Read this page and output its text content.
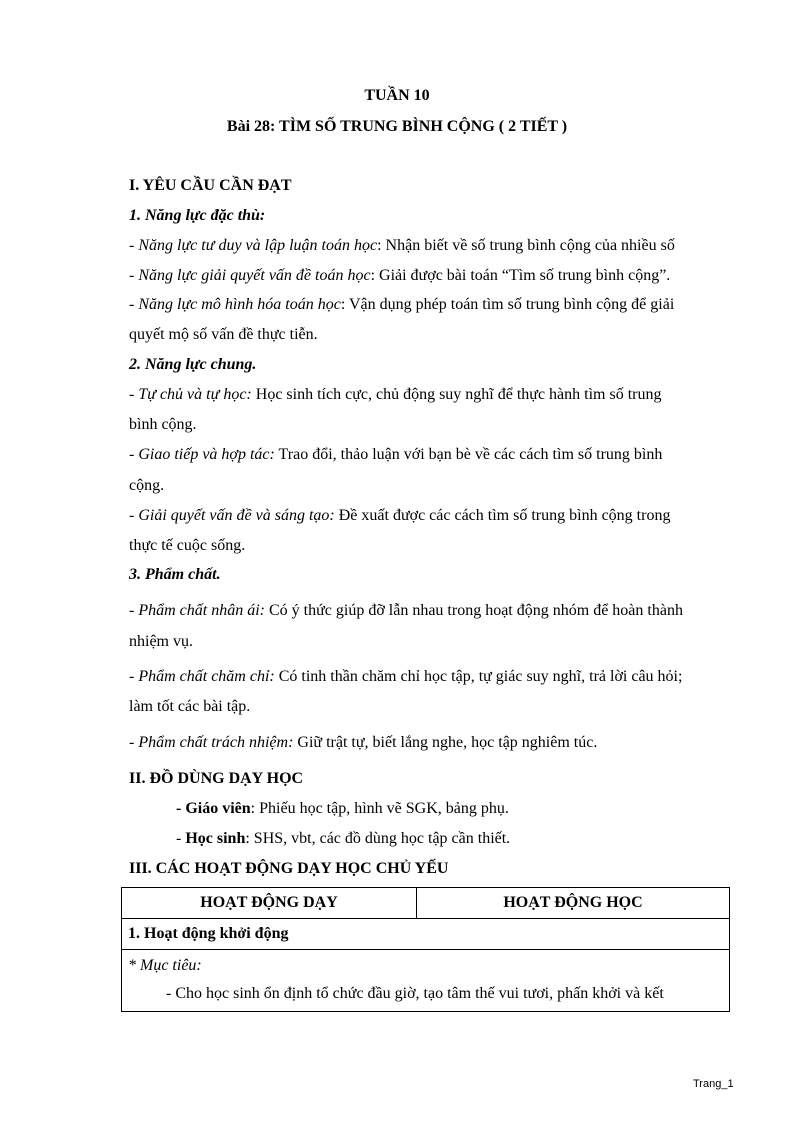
TUẦN 10
Bài 28: TÌM SỐ TRUNG BÌNH CỘNG ( 2 TIẾT )
I. YÊU CẦU CẦN ĐẠT
1. Năng lực đặc thù:
- Năng lực tư duy và lập luận toán học: Nhận biết về số trung bình cộng của nhiều số
- Năng lực giải quyết vấn đề toán học: Giải được bài toán “Tìm số trung bình cộng”.
- Năng lực mô hình hóa toán học: Vận dụng phép toán tìm số trung bình cộng để giải
quyết mộ số vấn đề thực tiễn.
2. Năng lực chung.
- Tự chủ và tự học: Học sinh tích cực, chủ động suy nghĩ để thực hành tìm số trung
bình cộng.
- Giao tiếp và hợp tác: Trao đổi, thảo luận với bạn bè về các cách tìm số trung bình
cộng.
- Giải quyết vấn đề và sáng tạo: Đề xuất được các cách tìm số trung bình cộng trong
thực tế cuộc sống.
3. Phẩm chất.
- Phẩm chất nhân ái: Có ý thức giúp đỡ lẫn nhau trong hoạt động nhóm để hoàn thành
nhiệm vụ.
- Phẩm chất chăm chỉ: Có tinh thần chăm chỉ học tập, tự giác suy nghĩ, trả lời câu hỏi;
làm tốt các bài tập.
- Phẩm chất trách nhiệm: Giữ trật tự, biết lắng nghe, học tập nghiêm túc.
II. ĐỒ DÙNG DẠY HỌC
- Giáo viên: Phiếu học tập, hình vẽ SGK, bảng phụ.
- Học sinh: SHS, vbt, các đồ dùng học tập cần thiết.
III. CÁC HOẠT ĐỘNG DẠY HỌC CHỦ YẾU
HOẠT ĐỘNG DẠY	HOẠT ĐỘNG HỌC
1. Hoạt động khởi động

* Mục tiêu:
- Cho học sinh ổn định tổ chức đầu giờ, tạo tâm thế vui tươi, phấn khởi và kết
Trang_1
